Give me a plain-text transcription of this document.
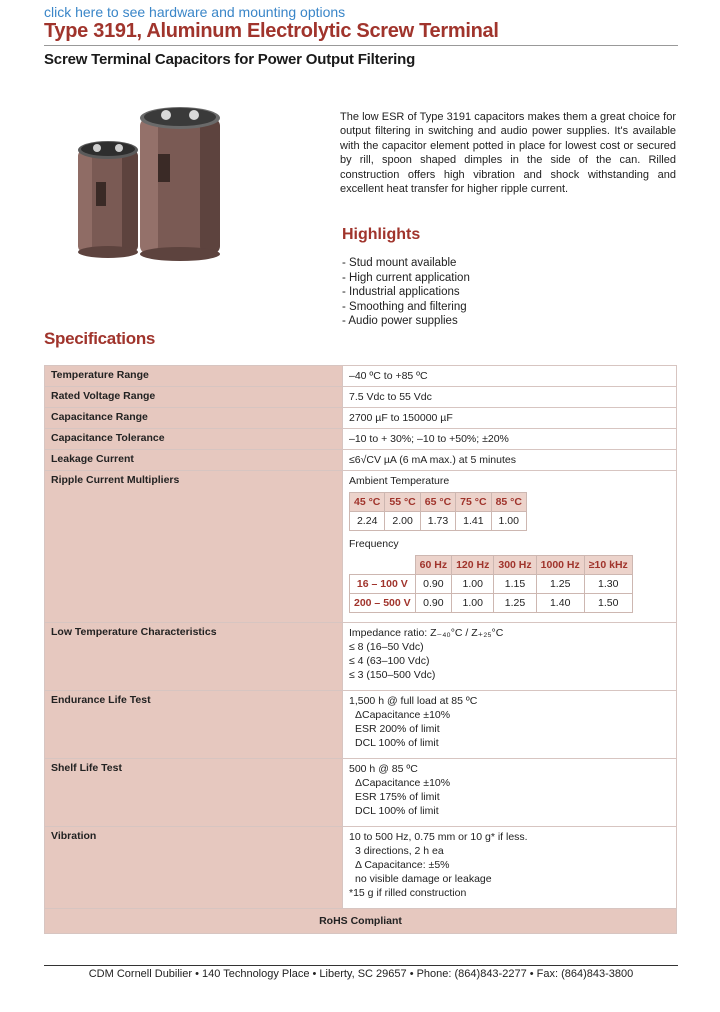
click here to see hardware and mounting options
Type 3191, Aluminum Electrolytic Screw Terminal
Screw Terminal Capacitors for Power Output Filtering
The low ESR of Type 3191 capacitors makes them a great choice for output filtering in switching and audio power supplies. It's available with the capacitor element potted in place for lowest cost or secured by rill, spoon shaped dimples in the side of the can. Rilled construction offers high vibration and shock withstanding and excellent heat transfer for higher ripple current.
Highlights
- Stud mount available
- High current application
- Industrial applications
- Smoothing and filtering
- Audio power supplies
Specifications
Temperature Range	–40 ºC to +85 ºC
Rated Voltage Range	7.5 Vdc to 55 Vdc
Capacitance Range	2700 µF to 150000 µF
Capacitance Tolerance	–10 to + 30%; –10 to +50%; ±20%
Leakage Current	≤6√CV µA (6 mA max.) at 5 minutes
Ripple Current Multipliers	Ambient Temperature
45 °C	55 °C	65 °C	75 °C	85 °C
2.24	2.00	1.73	1.41	1.00
Frequency
	60 Hz	120 Hz	300 Hz	1000 Hz	≥10 kHz
16 – 100 V	0.90	1.00	1.15	1.25	1.30
200 – 500 V	0.90	1.00	1.25	1.40	1.50

Low Temperature Characteristics	Impedance ratio: Z₋₄₀°C / Z₊₂₅°C
≤ 8 (16–50 Vdc)
≤ 4 (63–100 Vdc)
≤ 3 (150–500 Vdc)

Endurance Life Test	1,500 h @ full load at 85 ºC
ΔCapacitance ±10%
ESR 200% of limit
DCL 100% of limit

Shelf Life Test	500 h @ 85 ºC
ΔCapacitance ±10%
ESR 175% of limit
DCL 100% of limit

Vibration	10 to 500 Hz, 0.75 mm or 10 g* if less.
3 directions, 2 h ea
Δ Capacitance: ±5%
no visible damage or leakage
*15 g if rilled construction

RoHS Compliant
CDM Cornell Dubilier • 140 Technology Place • Liberty, SC 29657 • Phone: (864)843-2277 • Fax: (864)843-3800
